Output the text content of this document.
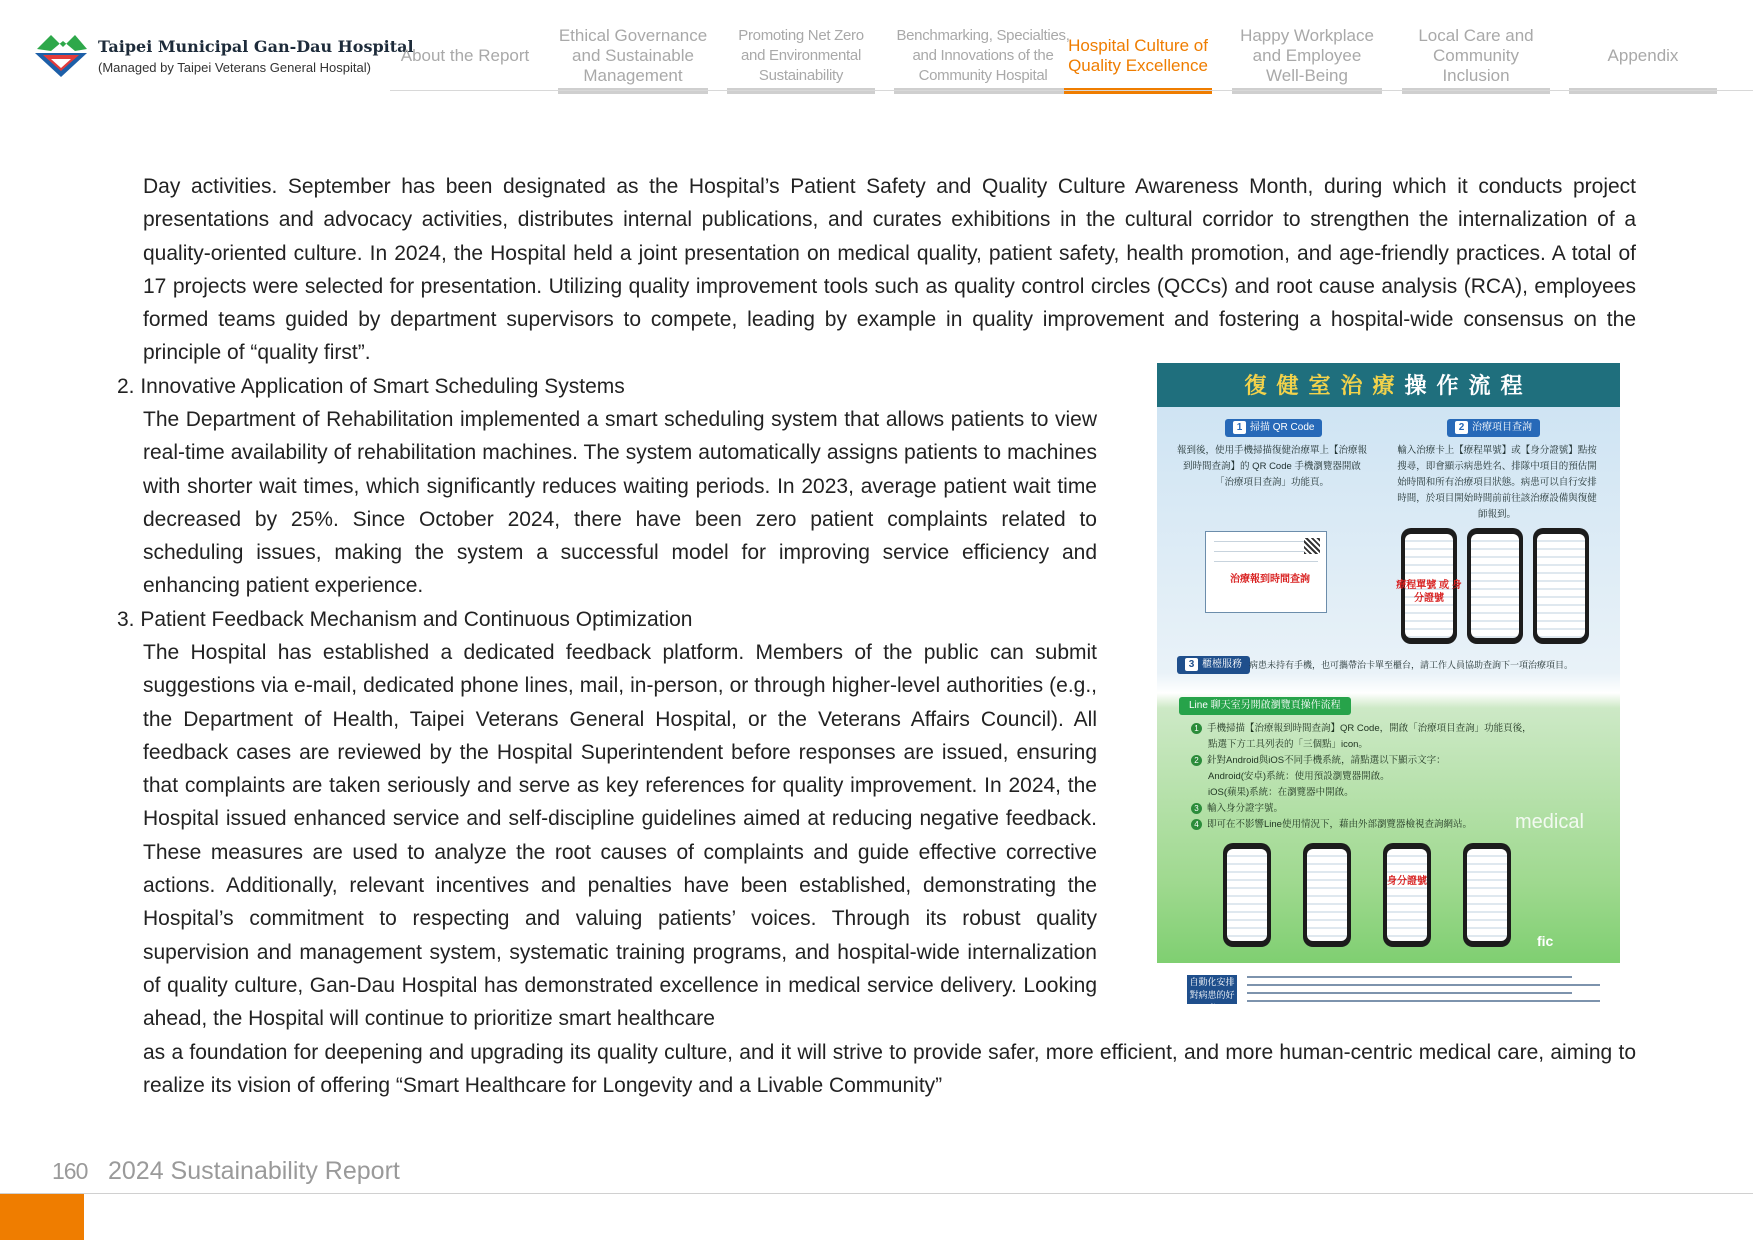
Taipei Municipal Gan-Dau Hospital
(Managed by Taipei Veterans General Hospital)
About the Report
Ethical Governance and Sustainable Management
Promoting Net Zero and Environmental Sustainability
Benchmarking, Specialties, and Innovations of the Community Hospital
Hospital Culture of Quality Excellence
Happy Workplace and Employee Well-Being
Local Care and Community Inclusion
Appendix

Day activities. September has been designated as the Hospital’s Patient Safety and Quality Culture Awareness Month, during which it conducts project presentations and advocacy activities, distributes internal publications, and curates exhibitions in the cultural corridor to strengthen the internalization of a quality-oriented culture. In 2024, the Hospital held a joint presentation on medical quality, patient safety, health promotion, and age-friendly practices. A total of 17 projects were selected for presentation. Utilizing quality improvement tools such as quality control circles (QCCs) and root cause analysis (RCA), employees formed teams guided by department supervisors to compete, leading by example in quality improvement and fostering a hospital-wide consensus on the principle of “quality first”.

2. Innovative Application of Smart Scheduling Systems

The Department of Rehabilitation implemented a smart scheduling system that allows patients to view real-time availability of rehabilitation machines. The system automatically assigns patients to machines with shorter wait times, which significantly reduces waiting periods. In 2023, average patient wait time decreased by 25%. Since October 2024, there have been zero patient complaints related to scheduling issues, making the system a successful model for improving service efficiency and enhancing patient experience.

3. Patient Feedback Mechanism and Continuous Optimization

The Hospital has established a dedicated feedback platform. Members of the public can submit suggestions via e-mail, dedicated phone lines, mail, in-person, or through higher-level authorities (e.g., the Department of Health, Taipei Veterans General Hospital, or the Veterans Affairs Council). All feedback cases are reviewed by the Hospital Superintendent before responses are issued, ensuring that complaints are taken seriously and serve as key references for quality improvement. In 2024, the Hospital issued enhanced service and self-discipline guidelines aimed at reducing negative feedback. These measures are used to analyze the root causes of complaints and guide effective corrective actions. Additionally, relevant incentives and penalties have been established, demonstrating the Hospital’s commitment to respecting and valuing patients’ voices. Through its robust quality supervision and management system, systematic training programs, and hospital-wide internalization of quality culture, Gan-Dau Hospital has demonstrated excellence in medical service delivery. Looking ahead, the Hospital will continue to prioritize smart healthcare

as a foundation for deepening and upgrading its quality culture, and it will strive to provide safer, more efficient, and more human-centric medical care, aiming to realize its vision of offering “Smart Healthcare for Longevity and a Livable Community”

復健室治療操作流程
1 掃描 QR Code
報到後，使用手機掃描復健治療單上【治療報到時間查詢】的 QR Code 手機瀏覽器開啟「治療項目查詢」功能頁。
治療報到時間查詢
2 治療項目查詢
輸入治療卡上【療程單號】或【身分證號】點按搜尋，即會顯示病患姓名、排隊中項目的預估開始時間和所有治療項目狀態。病患可以自行安排時間，於項目開始時間前前往該治療設備與復健師報到。
療程單號 或 身分證號
3 櫃檯服務 病患未持有手機，也可攜帶治卡單至櫃台，請工作人員協助查詢下一項治療項目。
Line 聊天室另開啟瀏覽頁操作流程
1 手機掃描【治療報到時間查詢】QR Code，開啟「治療項目查詢」功能頁後，
點選下方工具列表的「三個點」icon。
2 針對Android與iOS不同手機系統，請點選以下顯示文字：
Android(安卓)系統：使用預設瀏覽器開啟。
iOS(蘋果)系統：在瀏覽器中開啟。
3 輸入身分證字號。
4 即可在不影響Line使用情況下，藉由外部瀏覽器檢視查詢網站。 medical
身分證號
fic
自動化安排 對病患的好處
160 2024 Sustainability Report
